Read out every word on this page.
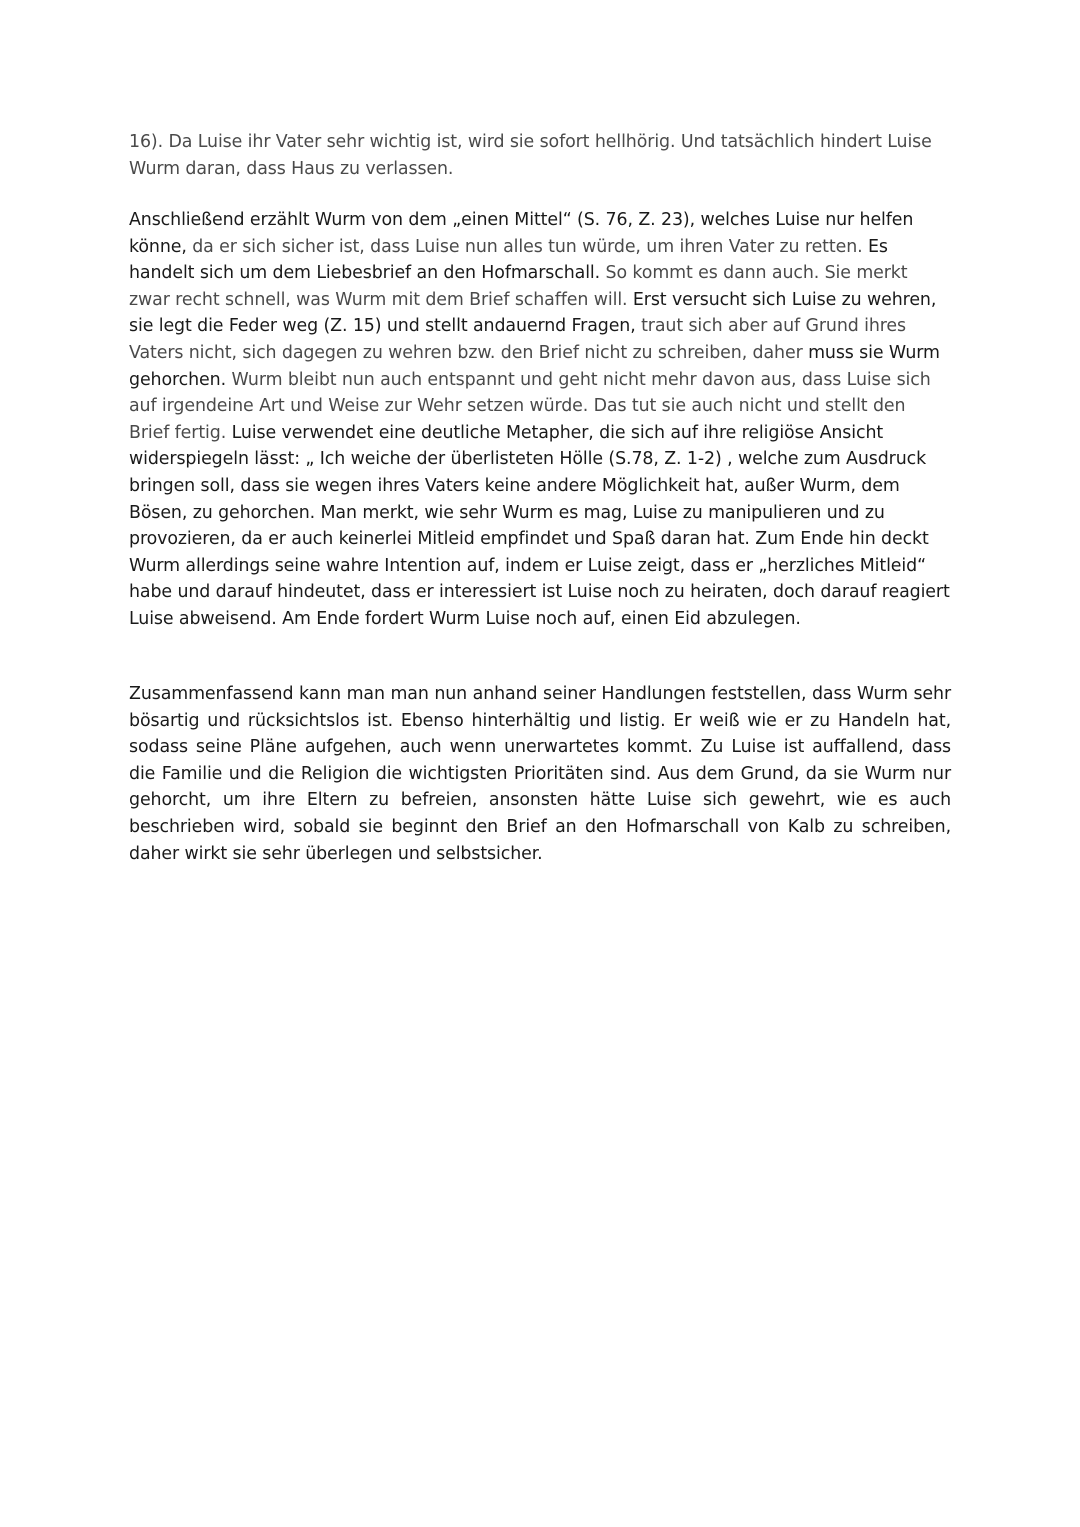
16). Da Luise ihr Vater sehr wichtig ist, wird sie sofort hellhörig. Und tatsächlich hindert Luise Wurm daran, dass Haus zu verlassen.

Anschließend erzählt Wurm von dem „einen Mittel“ (S. 76, Z. 23), welches Luise nur helfen könne, da er sich sicher ist, dass Luise nun alles tun würde, um ihren Vater zu retten. Es handelt sich um dem Liebesbrief an den Hofmarschall. So kommt es dann auch. Sie merkt zwar recht schnell, was Wurm mit dem Brief schaffen will. Erst versucht sich Luise zu wehren, sie legt die Feder weg (Z. 15) und stellt andauernd Fragen, traut sich aber auf Grund ihres Vaters nicht, sich dagegen zu wehren bzw. den Brief nicht zu schreiben, daher muss sie Wurm gehorchen. Wurm bleibt nun auch entspannt und geht nicht mehr davon aus, dass Luise sich auf irgendeine Art und Weise zur Wehr setzen würde. Das tut sie auch nicht und stellt den Brief fertig. Luise verwendet eine deutliche Metapher, die sich auf ihre religiöse Ansicht widerspiegeln lässt: „ Ich weiche der überlisteten Hölle (S.78, Z. 1-2) , welche zum Ausdruck bringen soll, dass sie wegen ihres Vaters keine andere Möglichkeit hat, außer Wurm, dem Bösen, zu gehorchen. Man merkt, wie sehr Wurm es mag, Luise zu manipulieren und zu provozieren, da er auch keinerlei Mitleid empfindet und Spaß daran hat. Zum Ende hin deckt Wurm allerdings seine wahre Intention auf, indem er Luise zeigt, dass er „herzliches Mitleid“ habe und darauf hindeutet, dass er interessiert ist Luise noch zu heiraten, doch darauf reagiert Luise abweisend. Am Ende fordert Wurm Luise noch auf, einen Eid abzulegen.

Zusammenfassend kann man man nun anhand seiner Handlungen feststellen, dass Wurm sehr bösartig und rücksichtslos ist. Ebenso hinterhältig und listig. Er weiß wie er zu Handeln hat, sodass seine Pläne aufgehen, auch wenn unerwartetes kommt. Zu Luise ist auffallend, dass die Familie und die Religion die wichtigsten Prioritäten sind. Aus dem Grund, da sie Wurm nur gehorcht, um ihre Eltern zu befreien, ansonsten hätte Luise sich gewehrt, wie es auch beschrieben wird, sobald sie beginnt den Brief an den Hofmarschall von Kalb zu schreiben, daher wirkt sie sehr überlegen und selbstsicher.
